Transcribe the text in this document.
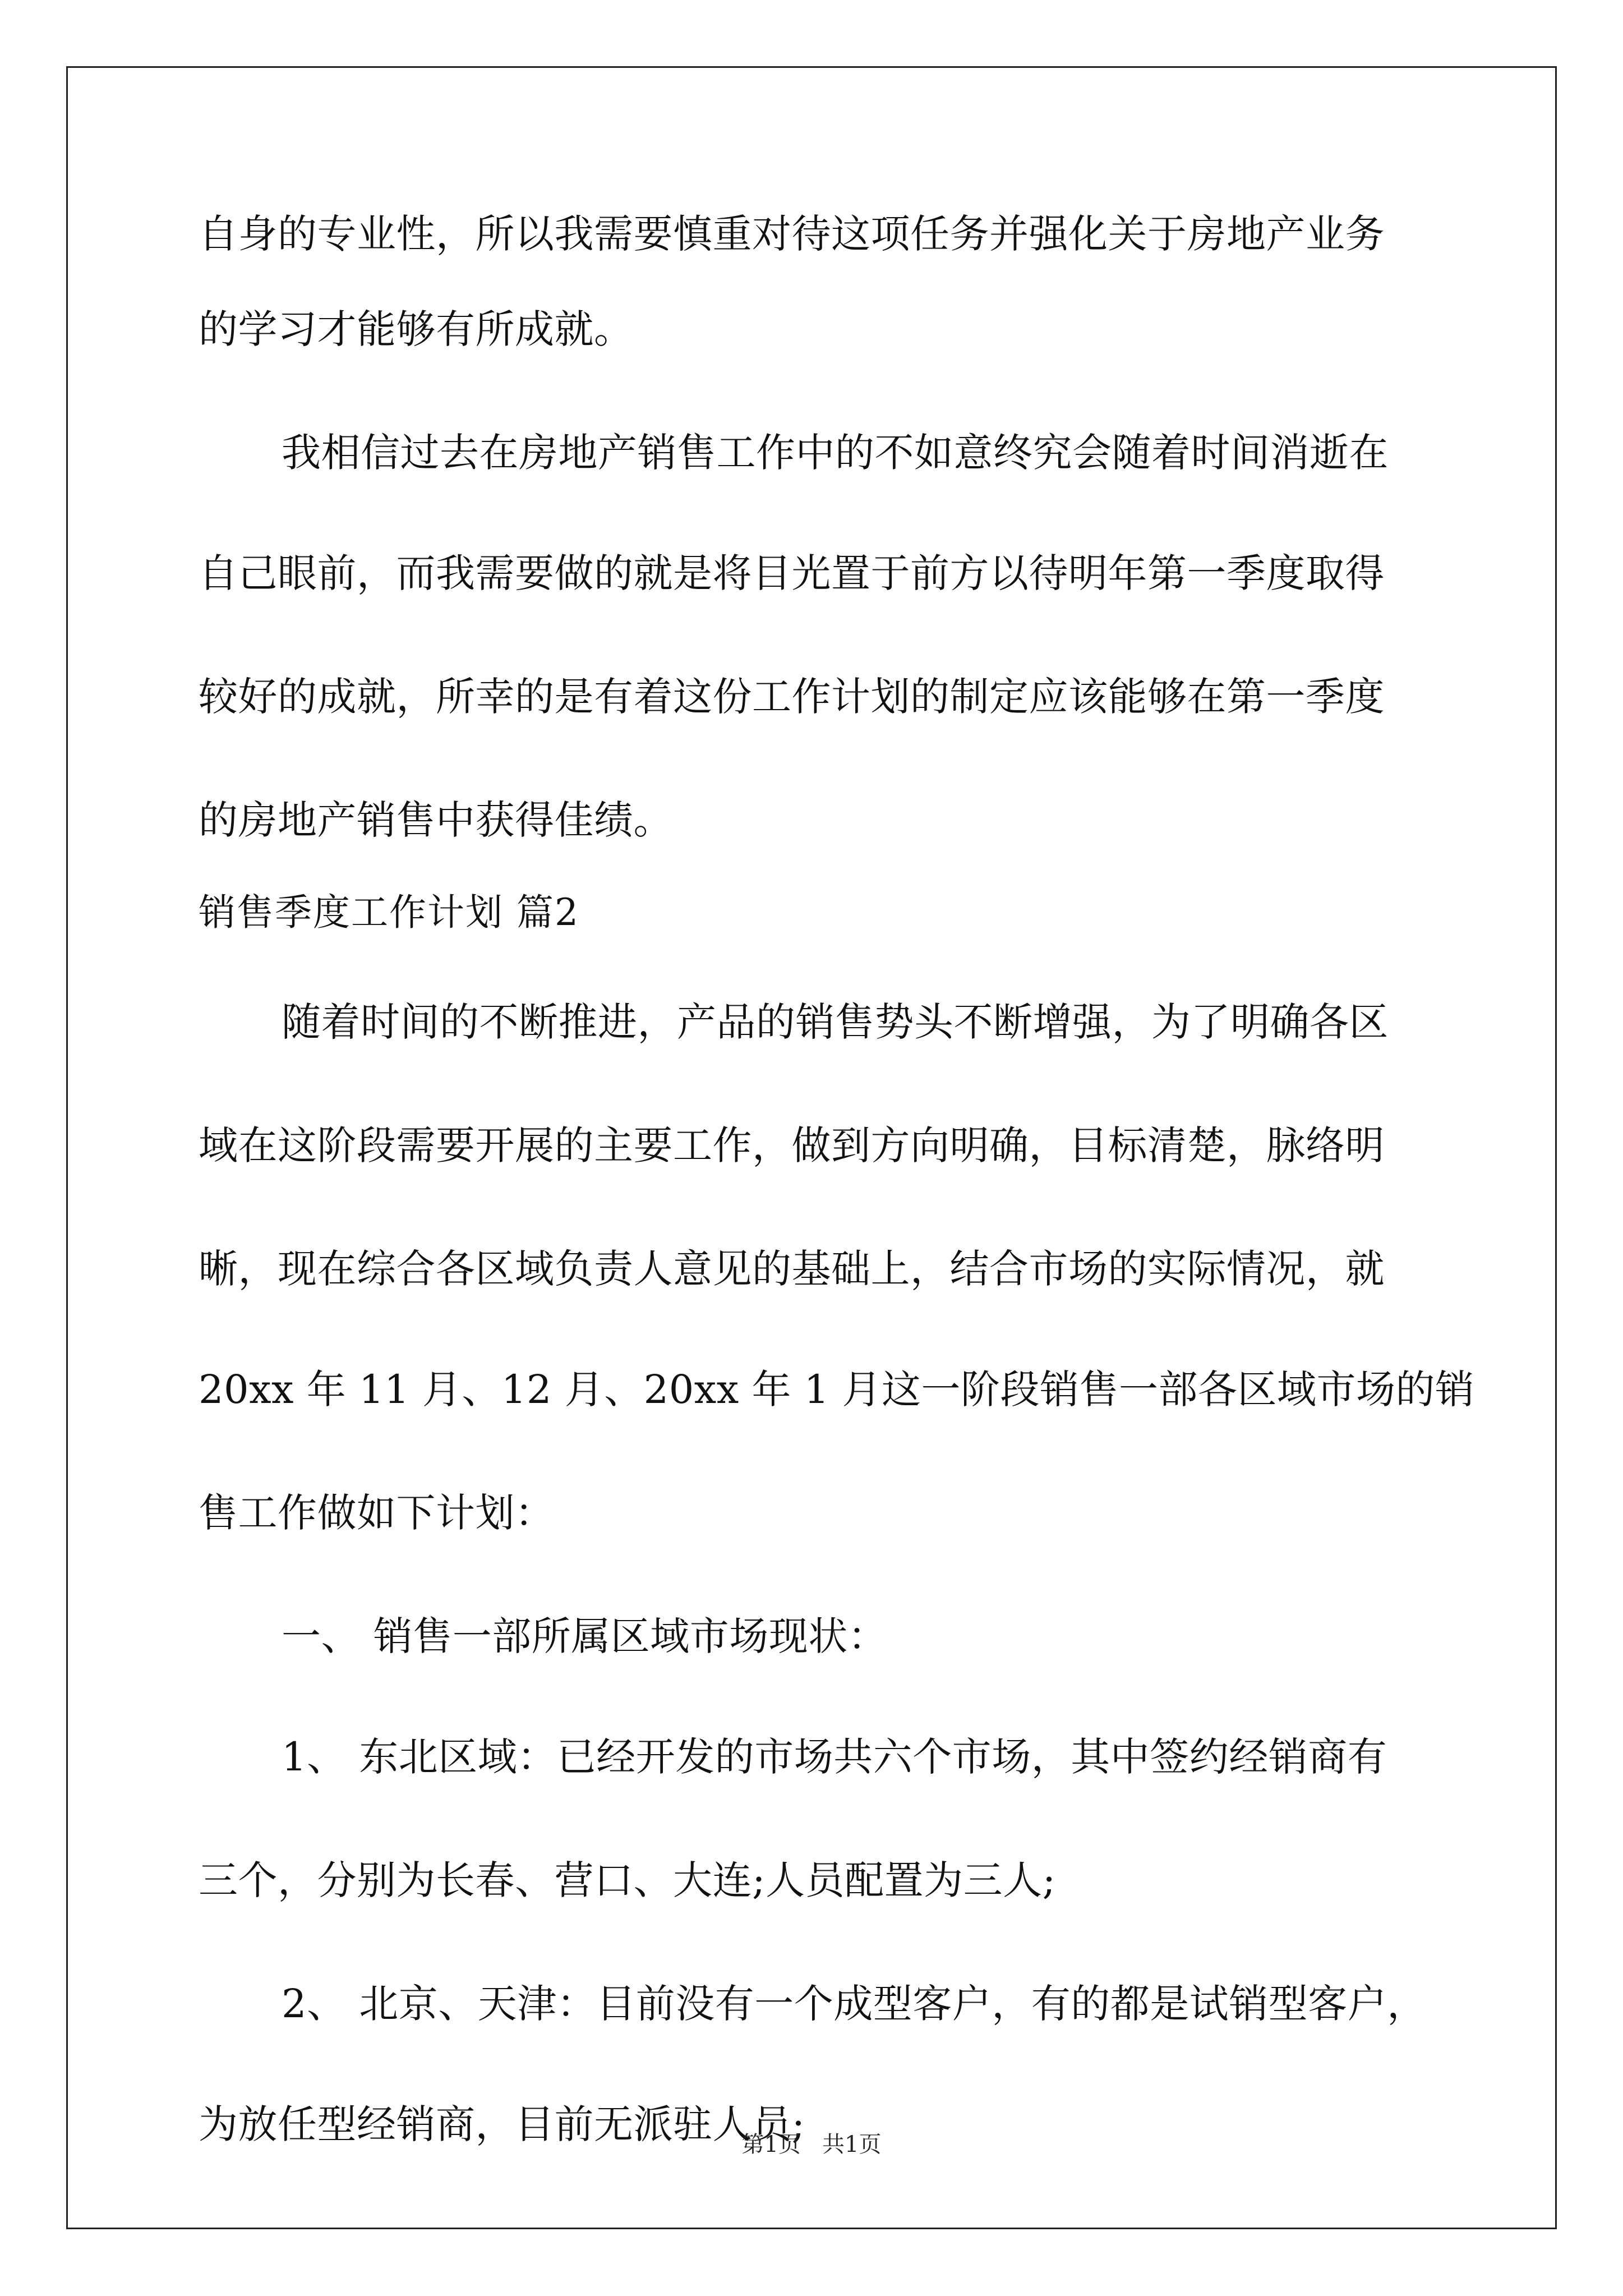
自身的专业性，所以我需要慎重对待这项任务并强化关于房地产业务
的学习才能够有所成就。
我相信过去在房地产销售工作中的不如意终究会随着时间消逝在
自己眼前，而我需要做的就是将目光置于前方以待明年第一季度取得
较好的成就，所幸的是有着这份工作计划的制定应该能够在第一季度
的房地产销售中获得佳绩。
销售季度工作计划 篇2
随着时间的不断推进，产品的销售势头不断增强，为了明确各区
域在这阶段需要开展的主要工作，做到方向明确，目标清楚，脉络明
晰，现在综合各区域负责人意见的基础上，结合市场的实际情况，就
20xx 年 11 月、12 月、20xx 年 1 月这一阶段销售一部各区域市场的销
售工作做如下计划：
一、 销售一部所属区域市场现状：
1、 东北区域：已经开发的市场共六个市场，其中签约经销商有
三个，分别为长春、营口、大连;人员配置为三人;
2、 北京、天津：目前没有一个成型客户，有的都是试销型客户，
为放任型经销商，目前无派驻人员;
第1页   共1页
